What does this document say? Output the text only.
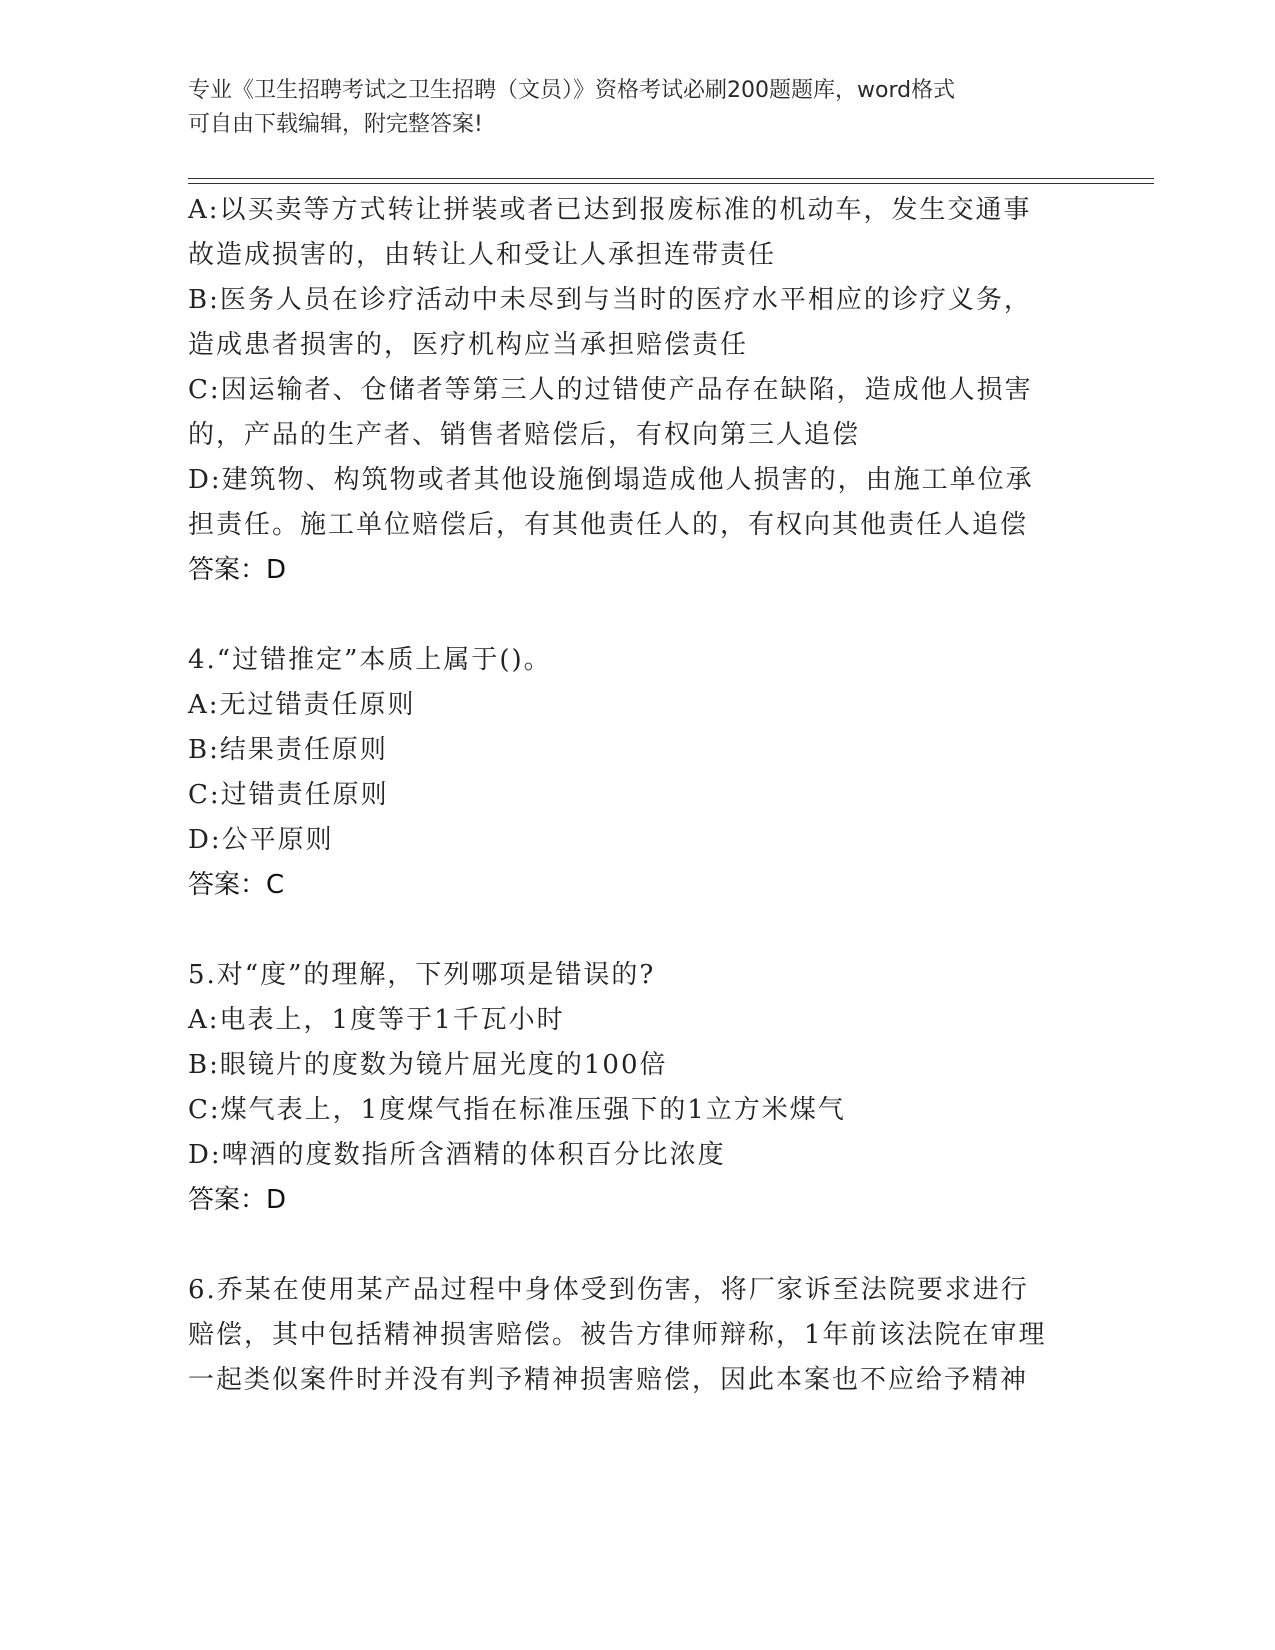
专业《卫生招聘考试之卫生招聘（文员）》资格考试必刷200题题库，word格式
可自由下载编辑，附完整答案!
A:以买卖等方式转让拼装或者已达到报废标准的机动车，发生交通事
故造成损害的，由转让人和受让人承担连带责任
B:医务人员在诊疗活动中未尽到与当时的医疗水平相应的诊疗义务，
造成患者损害的，医疗机构应当承担赔偿责任
C:因运输者、仓储者等第三人的过错使产品存在缺陷，造成他人损害
的，产品的生产者、销售者赔偿后，有权向第三人追偿
D:建筑物、构筑物或者其他设施倒塌造成他人损害的，由施工单位承
担责任。施工单位赔偿后，有其他责任人的，有权向其他责任人追偿
答案：D
4.“过错推定”本质上属于()。
A:无过错责任原则
B:结果责任原则
C:过错责任原则
D:公平原则
答案：C
5.对“度”的理解，下列哪项是错误的?
A:电表上，1度等于1千瓦小时
B:眼镜片的度数为镜片屈光度的100倍
C:煤气表上，1度煤气指在标准压强下的1立方米煤气
D:啤酒的度数指所含酒精的体积百分比浓度
答案：D
6.乔某在使用某产品过程中身体受到伤害，将厂家诉至法院要求进行
赔偿，其中包括精神损害赔偿。被告方律师辩称，1年前该法院在审理
一起类似案件时并没有判予精神损害赔偿，因此本案也不应给予精神
